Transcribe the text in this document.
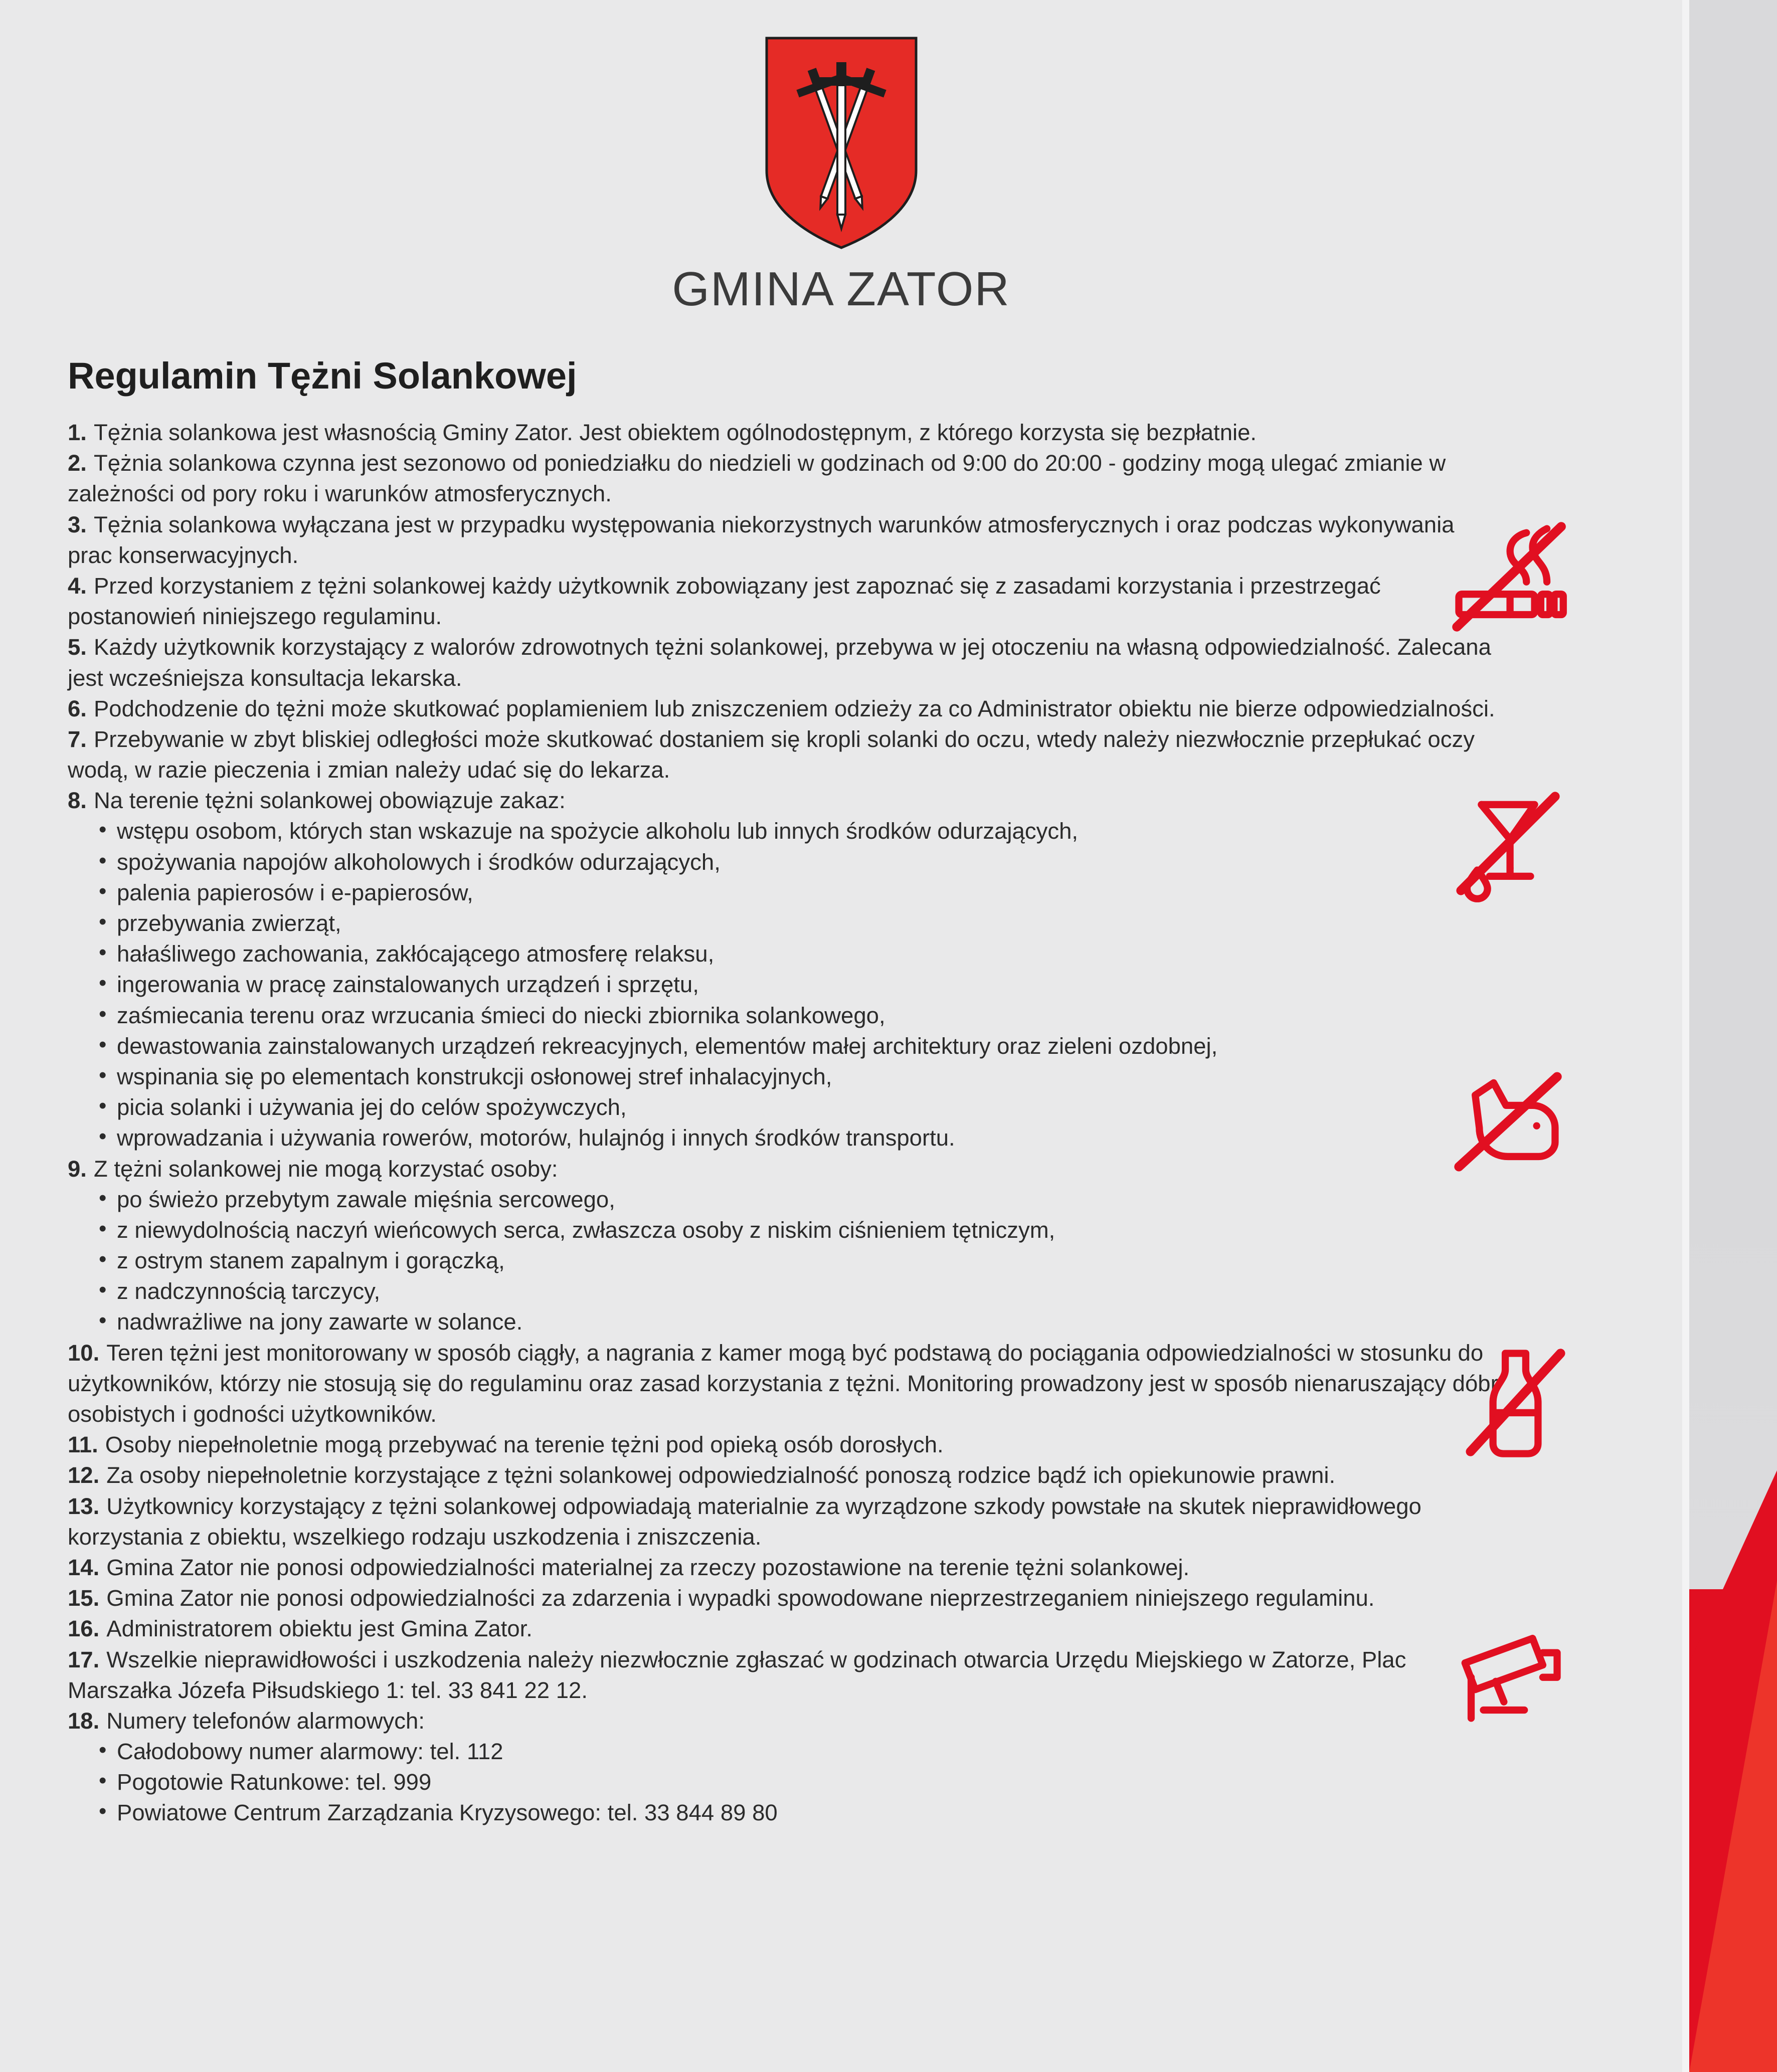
GMINA ZATOR
Regulamin Tężni Solankowej

1. Tężnia solankowa jest własnością Gminy Zator. Jest obiektem ogólnodostępnym, z którego korzysta się bezpłatnie.

2. Tężnia solankowa czynna jest sezonowo od poniedziałku do niedzieli w godzinach od 9:00 do 20:00 - godziny mogą ulegać zmianie w zależności od pory roku i warunków atmosferycznych.

3. Tężnia solankowa wyłączana jest w przypadku występowania niekorzystnych warunków atmosferycznych i oraz podczas wykonywania prac konserwacyjnych.

4. Przed korzystaniem z tężni solankowej każdy użytkownik zobowiązany jest zapoznać się z zasadami korzystania i przestrzegać postanowień niniejszego regulaminu.

5. Każdy użytkownik korzystający z walorów zdrowotnych tężni solankowej, przebywa w jej otoczeniu na własną odpowiedzialność. Zalecana jest wcześniejsza konsultacja lekarska.

6. Podchodzenie do tężni może skutkować poplamieniem lub zniszczeniem odzieży za co Administrator obiektu nie bierze odpowiedzialności.

7. Przebywanie w zbyt bliskiej odległości może skutkować dostaniem się kropli solanki do oczu, wtedy należy niezwłocznie przepłukać oczy wodą, w razie pieczenia i zmian należy udać się do lekarza.

8. Na terenie tężni solankowej obowiązuje zakaz:

• wstępu osobom, których stan wskazuje na spożycie alkoholu lub innych środków odurzających,
• spożywania napojów alkoholowych i środków odurzających,
• palenia papierosów i e-papierosów,
• przebywania zwierząt,
• hałaśliwego zachowania, zakłócającego atmosferę relaksu,
• ingerowania w pracę zainstalowanych urządzeń i sprzętu,
• zaśmiecania terenu oraz wrzucania śmieci do niecki zbiornika solankowego,
• dewastowania zainstalowanych urządzeń rekreacyjnych, elementów małej architektury oraz zieleni ozdobnej,
• wspinania się po elementach konstrukcji osłonowej stref inhalacyjnych,
• picia solanki i używania jej do celów spożywczych,
• wprowadzania i używania rowerów, motorów, hulajnóg i innych środków transportu.

9. Z tężni solankowej nie mogą korzystać osoby:

• po świeżo przebytym zawale mięśnia sercowego,
• z niewydolnością naczyń wieńcowych serca, zwłaszcza osoby z niskim ciśnieniem tętniczym,
• z ostrym stanem zapalnym i gorączką,
• z nadczynnością tarczycy,
• nadwrażliwe na jony zawarte w solance.

10. Teren tężni jest monitorowany w sposób ciągły, a nagrania z kamer mogą być podstawą do pociągania odpowiedzialności w stosunku do użytkowników, którzy nie stosują się do regulaminu oraz zasad korzystania z tężni. Monitoring prowadzony jest w sposób nienaruszający dóbr osobistych i godności użytkowników.

11. Osoby niepełnoletnie mogą przebywać na terenie tężni pod opieką osób dorosłych.

12. Za osoby niepełnoletnie korzystające z tężni solankowej odpowiedzialność ponoszą rodzice bądź ich opiekunowie prawni.

13. Użytkownicy korzystający z tężni solankowej odpowiadają materialnie za wyrządzone szkody powstałe na skutek nieprawidłowego korzystania z obiektu, wszelkiego rodzaju uszkodzenia i zniszczenia.

14. Gmina Zator nie ponosi odpowiedzialności materialnej za rzeczy pozostawione na terenie tężni solankowej.

15. Gmina Zator nie ponosi odpowiedzialności za zdarzenia i wypadki spowodowane nieprzestrzeganiem niniejszego regulaminu.

16. Administratorem obiektu jest Gmina Zator.

17. Wszelkie nieprawidłowości i uszkodzenia należy niezwłocznie zgłaszać w godzinach otwarcia Urzędu Miejskiego w Zatorze, Plac Marszałka Józefa Piłsudskiego 1: tel. 33 841 22 12.

18. Numery telefonów alarmowych:

• Całodobowy numer alarmowy: tel. 112
• Pogotowie Ratunkowe: tel. 999
• Powiatowe Centrum Zarządzania Kryzysowego: tel. 33 844 89 80
